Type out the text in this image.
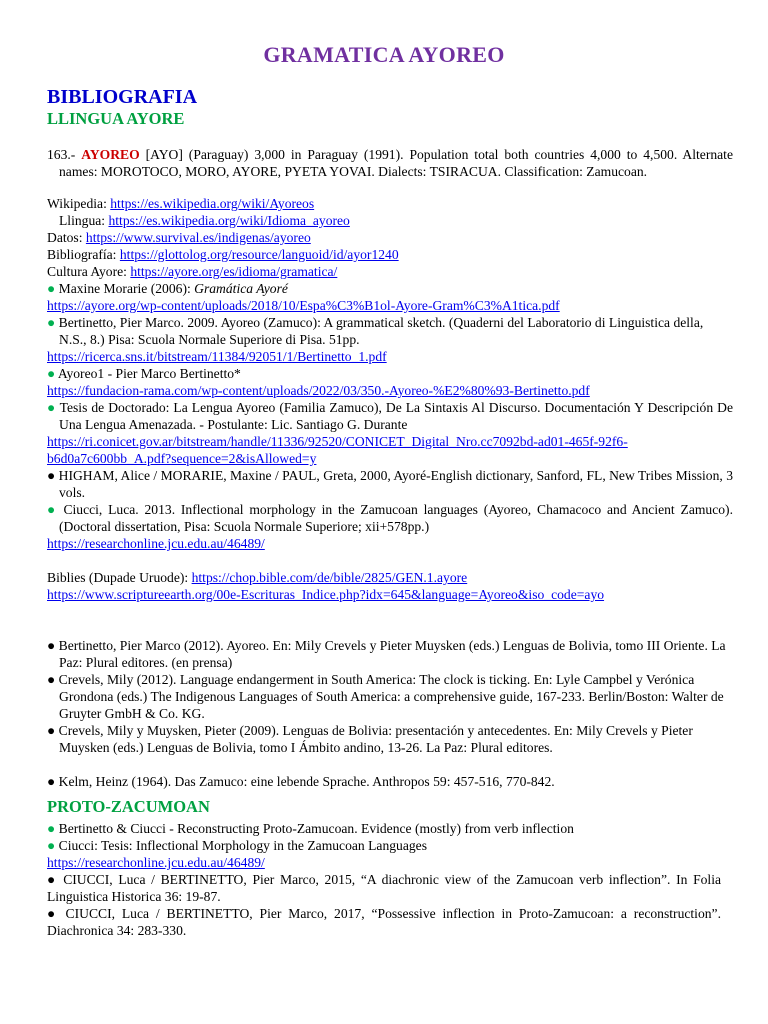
GRAMATICA AYOREO
BIBLIOGRAFIA
LLINGUA AYORE
163.- AYOREO [AYO] (Paraguay) 3,000 in Paraguay (1991). Population total both countries 4,000 to 4,500. Alternate names: MOROTOCO, MORO, AYORE, PYETA YOVAI. Dialects: TSIRACUA. Classification: Zamucoan.
Wikipedia: https://es.wikipedia.org/wiki/Ayoreos
Llingua: https://es.wikipedia.org/wiki/Idioma_ayoreo
Datos: https://www.survival.es/indigenas/ayoreo
Bibliografía: https://glottolog.org/resource/languoid/id/ayor1240
Cultura Ayore: https://ayore.org/es/idioma/gramatica/
● Maxine Morarie (2006): Gramática Ayoré
https://ayore.org/wp-content/uploads/2018/10/Espa%C3%B1ol-Ayore-Gram%C3%A1tica.pdf
● Bertinetto, Pier Marco. 2009. Ayoreo (Zamuco): A grammatical sketch. (Quaderni del Laboratorio di Linguistica della, N.S., 8.) Pisa: Scuola Normale Superiore di Pisa. 51pp.
https://ricerca.sns.it/bitstream/11384/92051/1/Bertinetto_1.pdf
● Ayoreo1 - Pier Marco Bertinetto*
https://fundacion-rama.com/wp-content/uploads/2022/03/350.-Ayoreo-%E2%80%93-Bertinetto.pdf
● Tesis de Doctorado: La Lengua Ayoreo (Familia Zamuco), De La Sintaxis Al Discurso. Documentación Y Descripción De Una Lengua Amenazada. - Postulante: Lic. Santiago G. Durante
https://ri.conicet.gov.ar/bitstream/handle/11336/92520/CONICET_Digital_Nro.cc7092bd-ad01-465f-92f6-
b6d0a7c600bb_A.pdf?sequence=2&isAllowed=y
● HIGHAM, Alice / MORARIE, Maxine / PAUL, Greta, 2000, Ayoré-English dictionary, Sanford, FL, New Tribes Mission, 3 vols.
● Ciucci, Luca. 2013. Inflectional morphology in the Zamucoan languages (Ayoreo, Chamacoco and Ancient Zamuco). (Doctoral dissertation, Pisa: Scuola Normale Superiore; xii+578pp.)
https://researchonline.jcu.edu.au/46489/
Biblies (Dupade Uruode): https://chop.bible.com/de/bible/2825/GEN.1.ayore
https://www.scriptureearth.org/00e-Escrituras_Indice.php?idx=645&language=Ayoreo&iso_code=ayo
● Bertinetto, Pier Marco (2012). Ayoreo. En: Mily Crevels y Pieter Muysken (eds.) Lenguas de Bolivia, tomo III Oriente. La Paz: Plural editores. (en prensa)
● Crevels, Mily (2012). Language endangerment in South America: The clock is ticking. En: Lyle Campbel y Verónica Grondona (eds.) The Indigenous Languages of South America: a comprehensive guide, 167-233. Berlin/Boston: Walter de Gruyter GmbH & Co. KG.
● Crevels, Mily y Muysken, Pieter (2009). Lenguas de Bolivia: presentación y antecedentes. En: Mily Crevels y Pieter Muysken (eds.) Lenguas de Bolivia, tomo I Ámbito andino, 13-26. La Paz: Plural editores.
● Kelm, Heinz (1964). Das Zamuco: eine lebende Sprache. Anthropos 59: 457-516, 770-842.
PROTO-ZACUMOAN
● Bertinetto & Ciucci - Reconstructing Proto-Zamucoan. Evidence (mostly) from verb inflection
● Ciucci: Tesis: Inflectional Morphology in the Zamucoan Languages
https://researchonline.jcu.edu.au/46489/
● CIUCCI, Luca / BERTINETTO, Pier Marco, 2015, “A diachronic view of the Zamucoan verb inflection”. In Folia Linguistica Historica 36: 19-87.
● CIUCCI, Luca / BERTINETTO, Pier Marco, 2017, “Possessive inflection in Proto-Zamucoan: a reconstruction”. Diachronica 34: 283-330.
